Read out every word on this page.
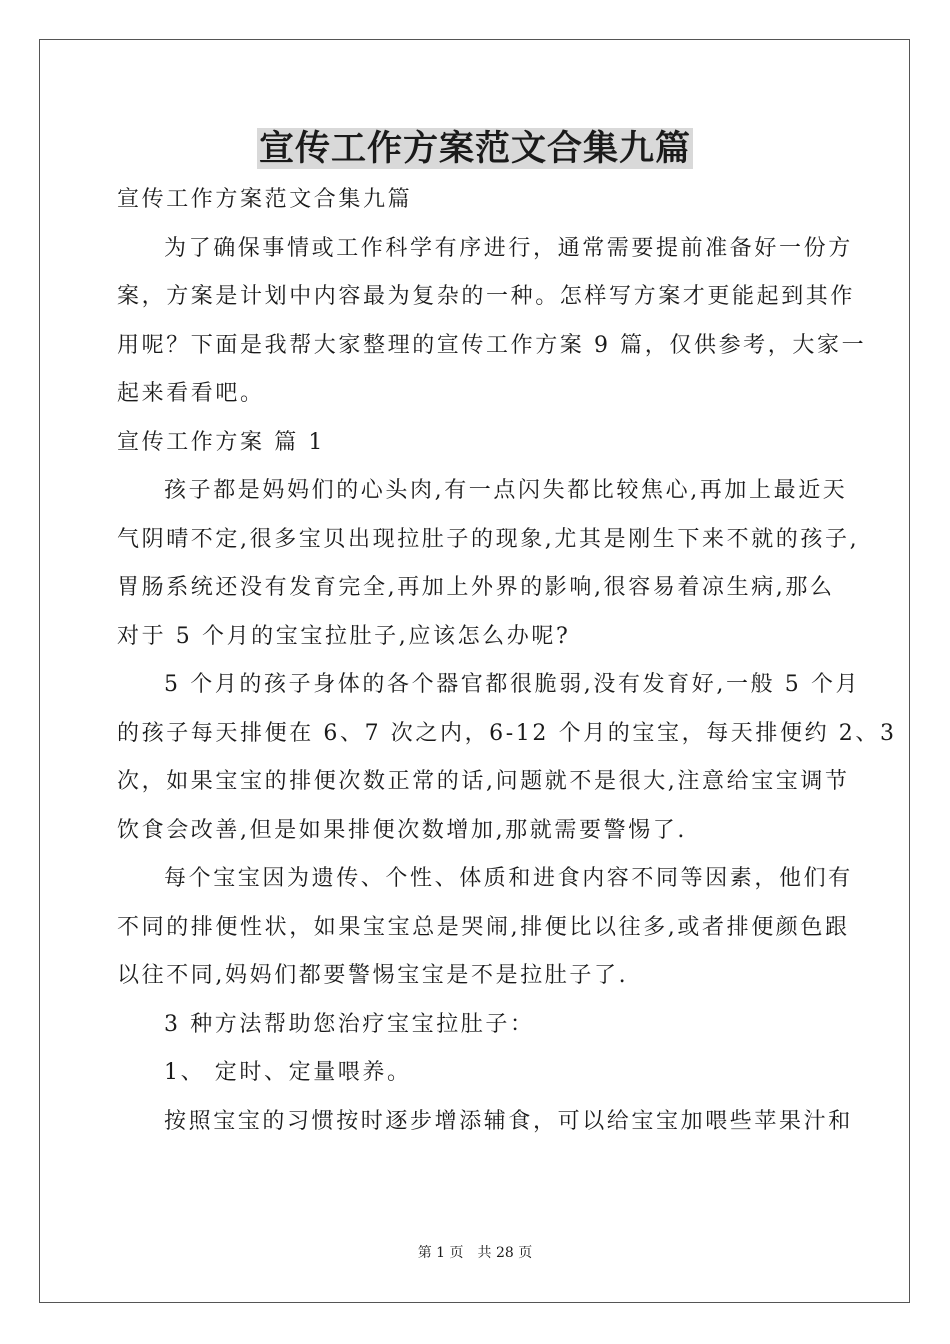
宣传工作方案范文合集九篇
宣传工作方案范文合集九篇
为了确保事情或工作科学有序进行，通常需要提前准备好一份方
案，方案是计划中内容最为复杂的一种。怎样写方案才更能起到其作
用呢？下面是我帮大家整理的宣传工作方案 9 篇，仅供参考，大家一
起来看看吧。
宣传工作方案 篇 1
孩子都是妈妈们的心头肉,有一点闪失都比较焦心,再加上最近天
气阴晴不定,很多宝贝出现拉肚子的现象,尤其是刚生下来不就的孩子,
胃肠系统还没有发育完全,再加上外界的影响,很容易着凉生病,那么
对于 5 个月的宝宝拉肚子,应该怎么办呢?
5 个月的孩子身体的各个器官都很脆弱,没有发育好,一般 5 个月
的孩子每天排便在 6、7 次之内，6-12 个月的宝宝，每天排便约 2、3
次，如果宝宝的排便次数正常的话,问题就不是很大,注意给宝宝调节
饮食会改善,但是如果排便次数增加,那就需要警惕了.
每个宝宝因为遗传、个性、体质和进食内容不同等因素，他们有
不同的排便性状，如果宝宝总是哭闹,排便比以往多,或者排便颜色跟
以往不同,妈妈们都要警惕宝宝是不是拉肚子了.
3 种方法帮助您治疗宝宝拉肚子：
1、 定时、定量喂养。
按照宝宝的习惯按时逐步增添辅食，可以给宝宝加喂些苹果汁和
第 1 页 共 28 页
